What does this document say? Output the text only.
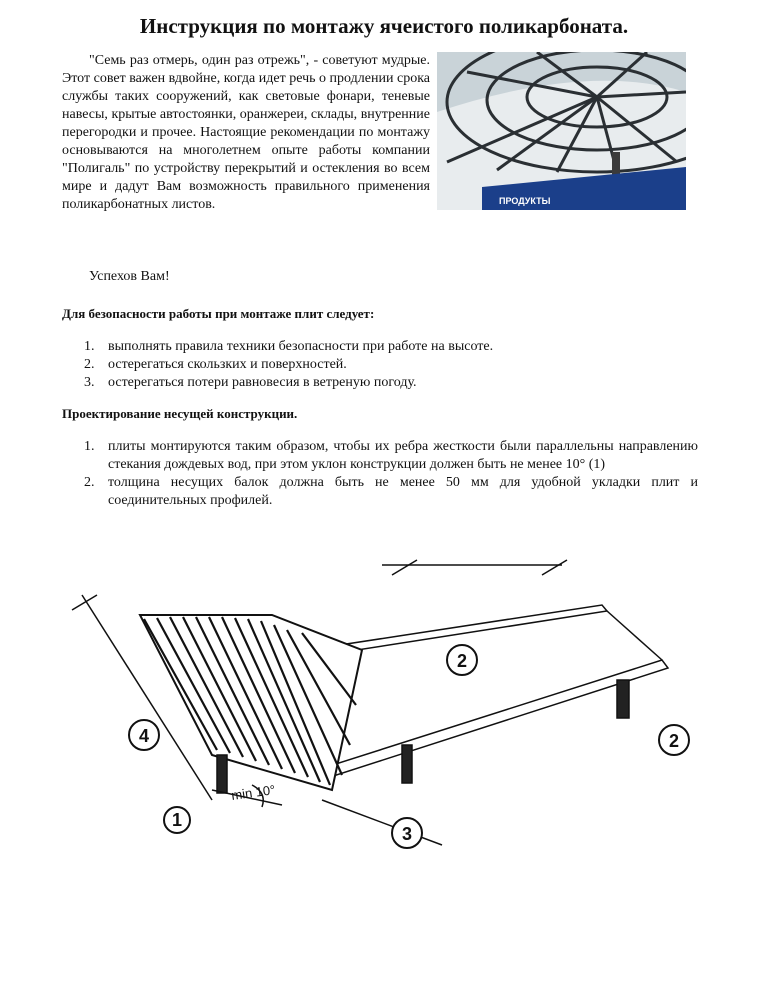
Инструкция по монтажу ячеистого поликарбоната.

"Семь раз отмерь, один раз отрежь", - советуют мудрые. Этот совет важен вдвойне, когда идет речь о продлении срока службы таких сооружений, как световые фонари, теневые навесы, крытые автостоянки, оранжереи, склады, внутренние перегородки и прочее. Настоящие рекомендации по монтажу основываются на многолетнем опыте работы компании "Полигаль" по устройству перекрытий и остекления во всем мире и дадут Вам возможность правильного применения поликарбонатных листов.	ПРОДУКТЫ
Успехов Вам!
Для безопасности работы при монтаже плит следует:
1. выполнять правила техники безопасности при работе на высоте.
2. остерегаться скользких и поверхностей.
3. остерегаться потери равновесия в ветреную погоду.
Проектирование несущей конструкции.
1. плиты монтируются таким образом, чтобы их ребра жесткости были параллельны направлению стекания дождевых вод, при этом уклон конструкции должен быть не менее 10° (1)
2. толщина несущих балок должна быть не менее 50 мм для удобной укладки плит и соединительных профилей.
1
2
2
3
4
min 10°
